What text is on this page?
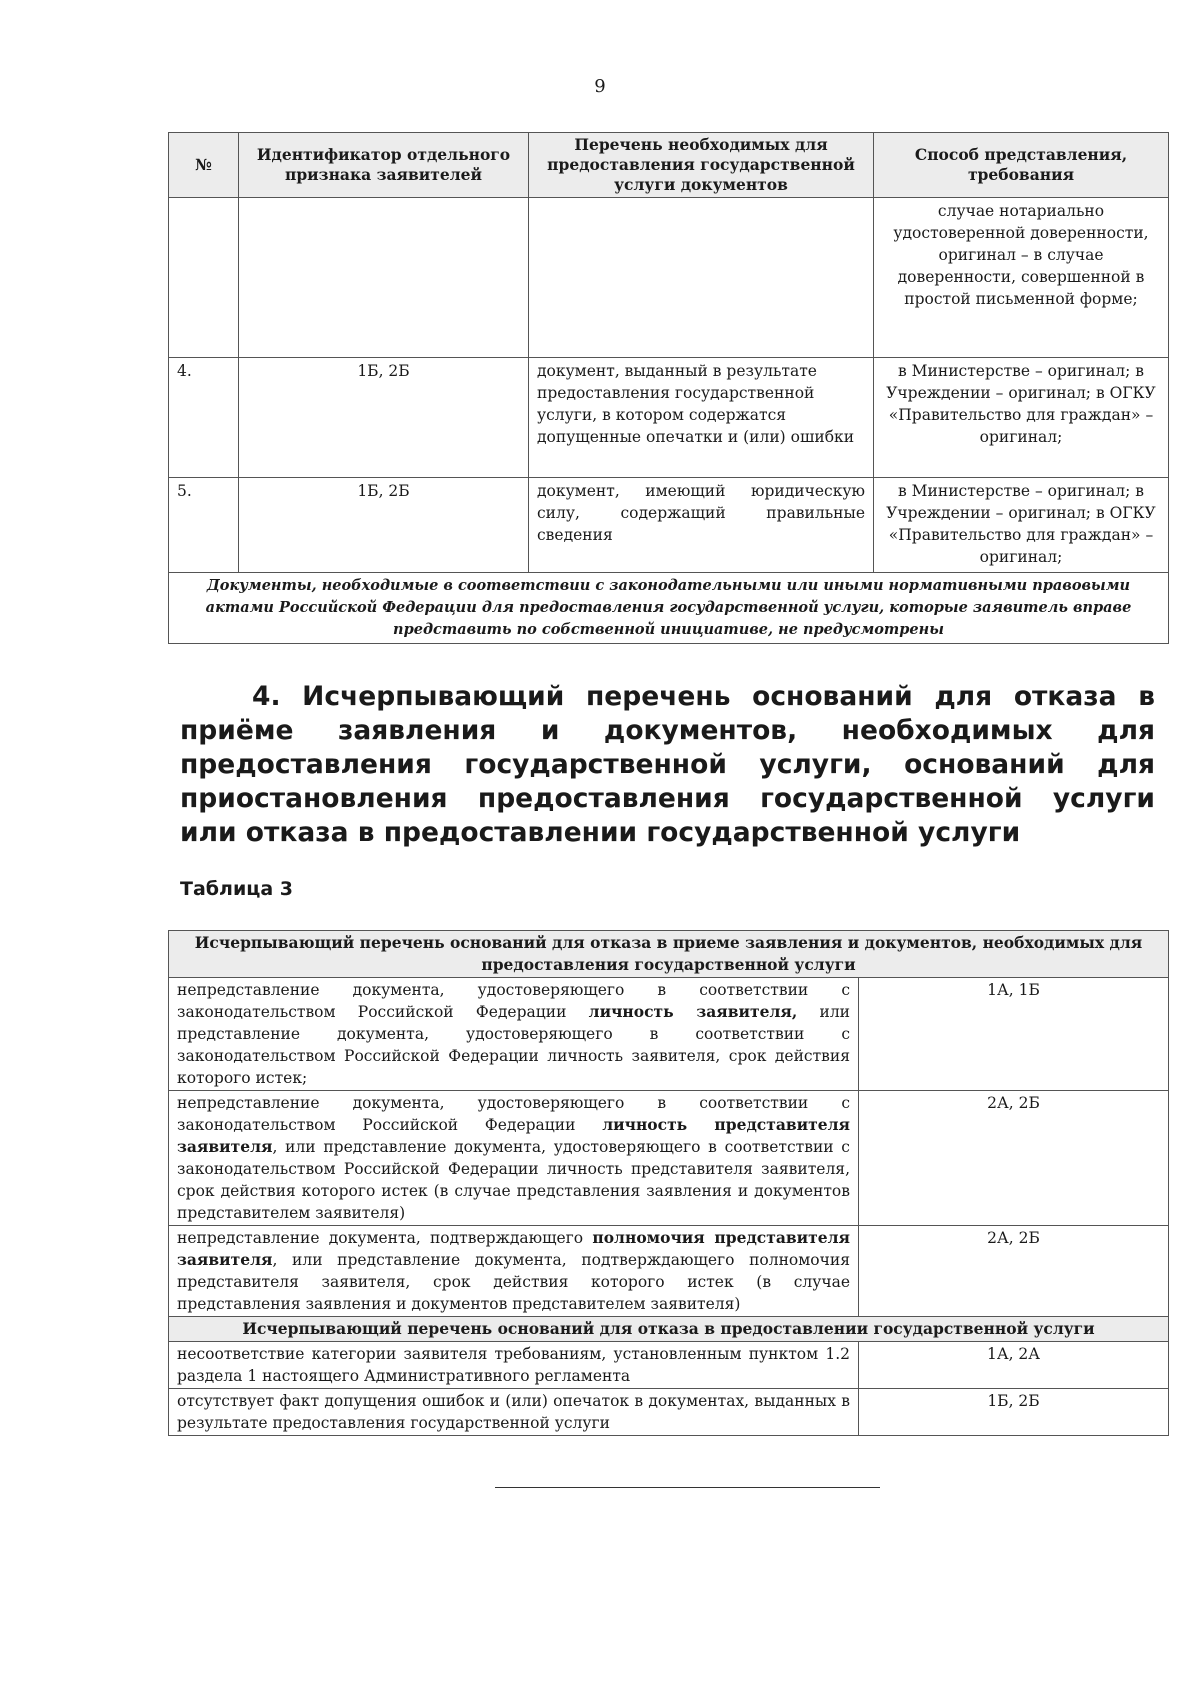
9
№	Идентификатор отдельного признака заявителей	Перечень необходимых для предоставления государственной услуги документов	Способ представления, требования
			случае нотариально удостоверенной доверенности, оригинал – в случае доверенности, совершенной в простой письменной форме;
4.	1Б, 2Б	документ, выданный в результате предоставления государственной услуги, в котором содержатся допущенные опечатки и (или) ошибки	в Министерстве – оригинал; в Учреждении – оригинал; в ОГКУ «Правительство для граждан» – оригинал;
5.	1Б, 2Б	документ, имеющий юридическую силу, содержащий правильные сведения	в Министерстве – оригинал; в Учреждении – оригинал; в ОГКУ «Правительство для граждан» – оригинал;
Документы, необходимые в соответствии с законодательными или иными нормативными правовыми актами Российской Федерации для предоставления государственной услуги, которые заявитель вправе представить по собственной инициативе, не предусмотрены			

4. Исчерпывающий перечень оснований для отказа в приёме заявления и документов, необходимых для предоставления государственной услуги, оснований для приостановления предоставления государственной услуги или отказа в предоставлении государственной услуги

Таблица 3

Исчерпывающий перечень оснований для отказа в приеме заявления и документов, необходимых для предоставления государственной услуги	
непредставление документа, удостоверяющего в соответствии с законодательством Российской Федерации личность заявителя, или представление документа, удостоверяющего в соответствии с законодательством Российской Федерации личность заявителя, срок действия которого истек;	1А, 1Б
непредставление документа, удостоверяющего в соответствии с законодательством Российской Федерации личность представителя заявителя, или представление документа, удостоверяющего в соответствии с законодательством Российской Федерации личность представителя заявителя, срок действия которого истек (в случае представления заявления и документов представителем заявителя)	2А, 2Б
непредставление документа, подтверждающего полномочия представителя заявителя, или представление документа, подтверждающего полномочия представителя заявителя, срок действия которого истек (в случае представления заявления и документов представителем заявителя)	2А, 2Б
Исчерпывающий перечень оснований для отказа в предоставлении государственной услуги	
несоответствие категории заявителя требованиям, установленным пунктом 1.2 раздела 1 настоящего Административного регламента	1А, 2А
отсутствует факт допущения ошибок и (или) опечаток в документах, выданных в результате предоставления государственной услуги	1Б, 2Б
